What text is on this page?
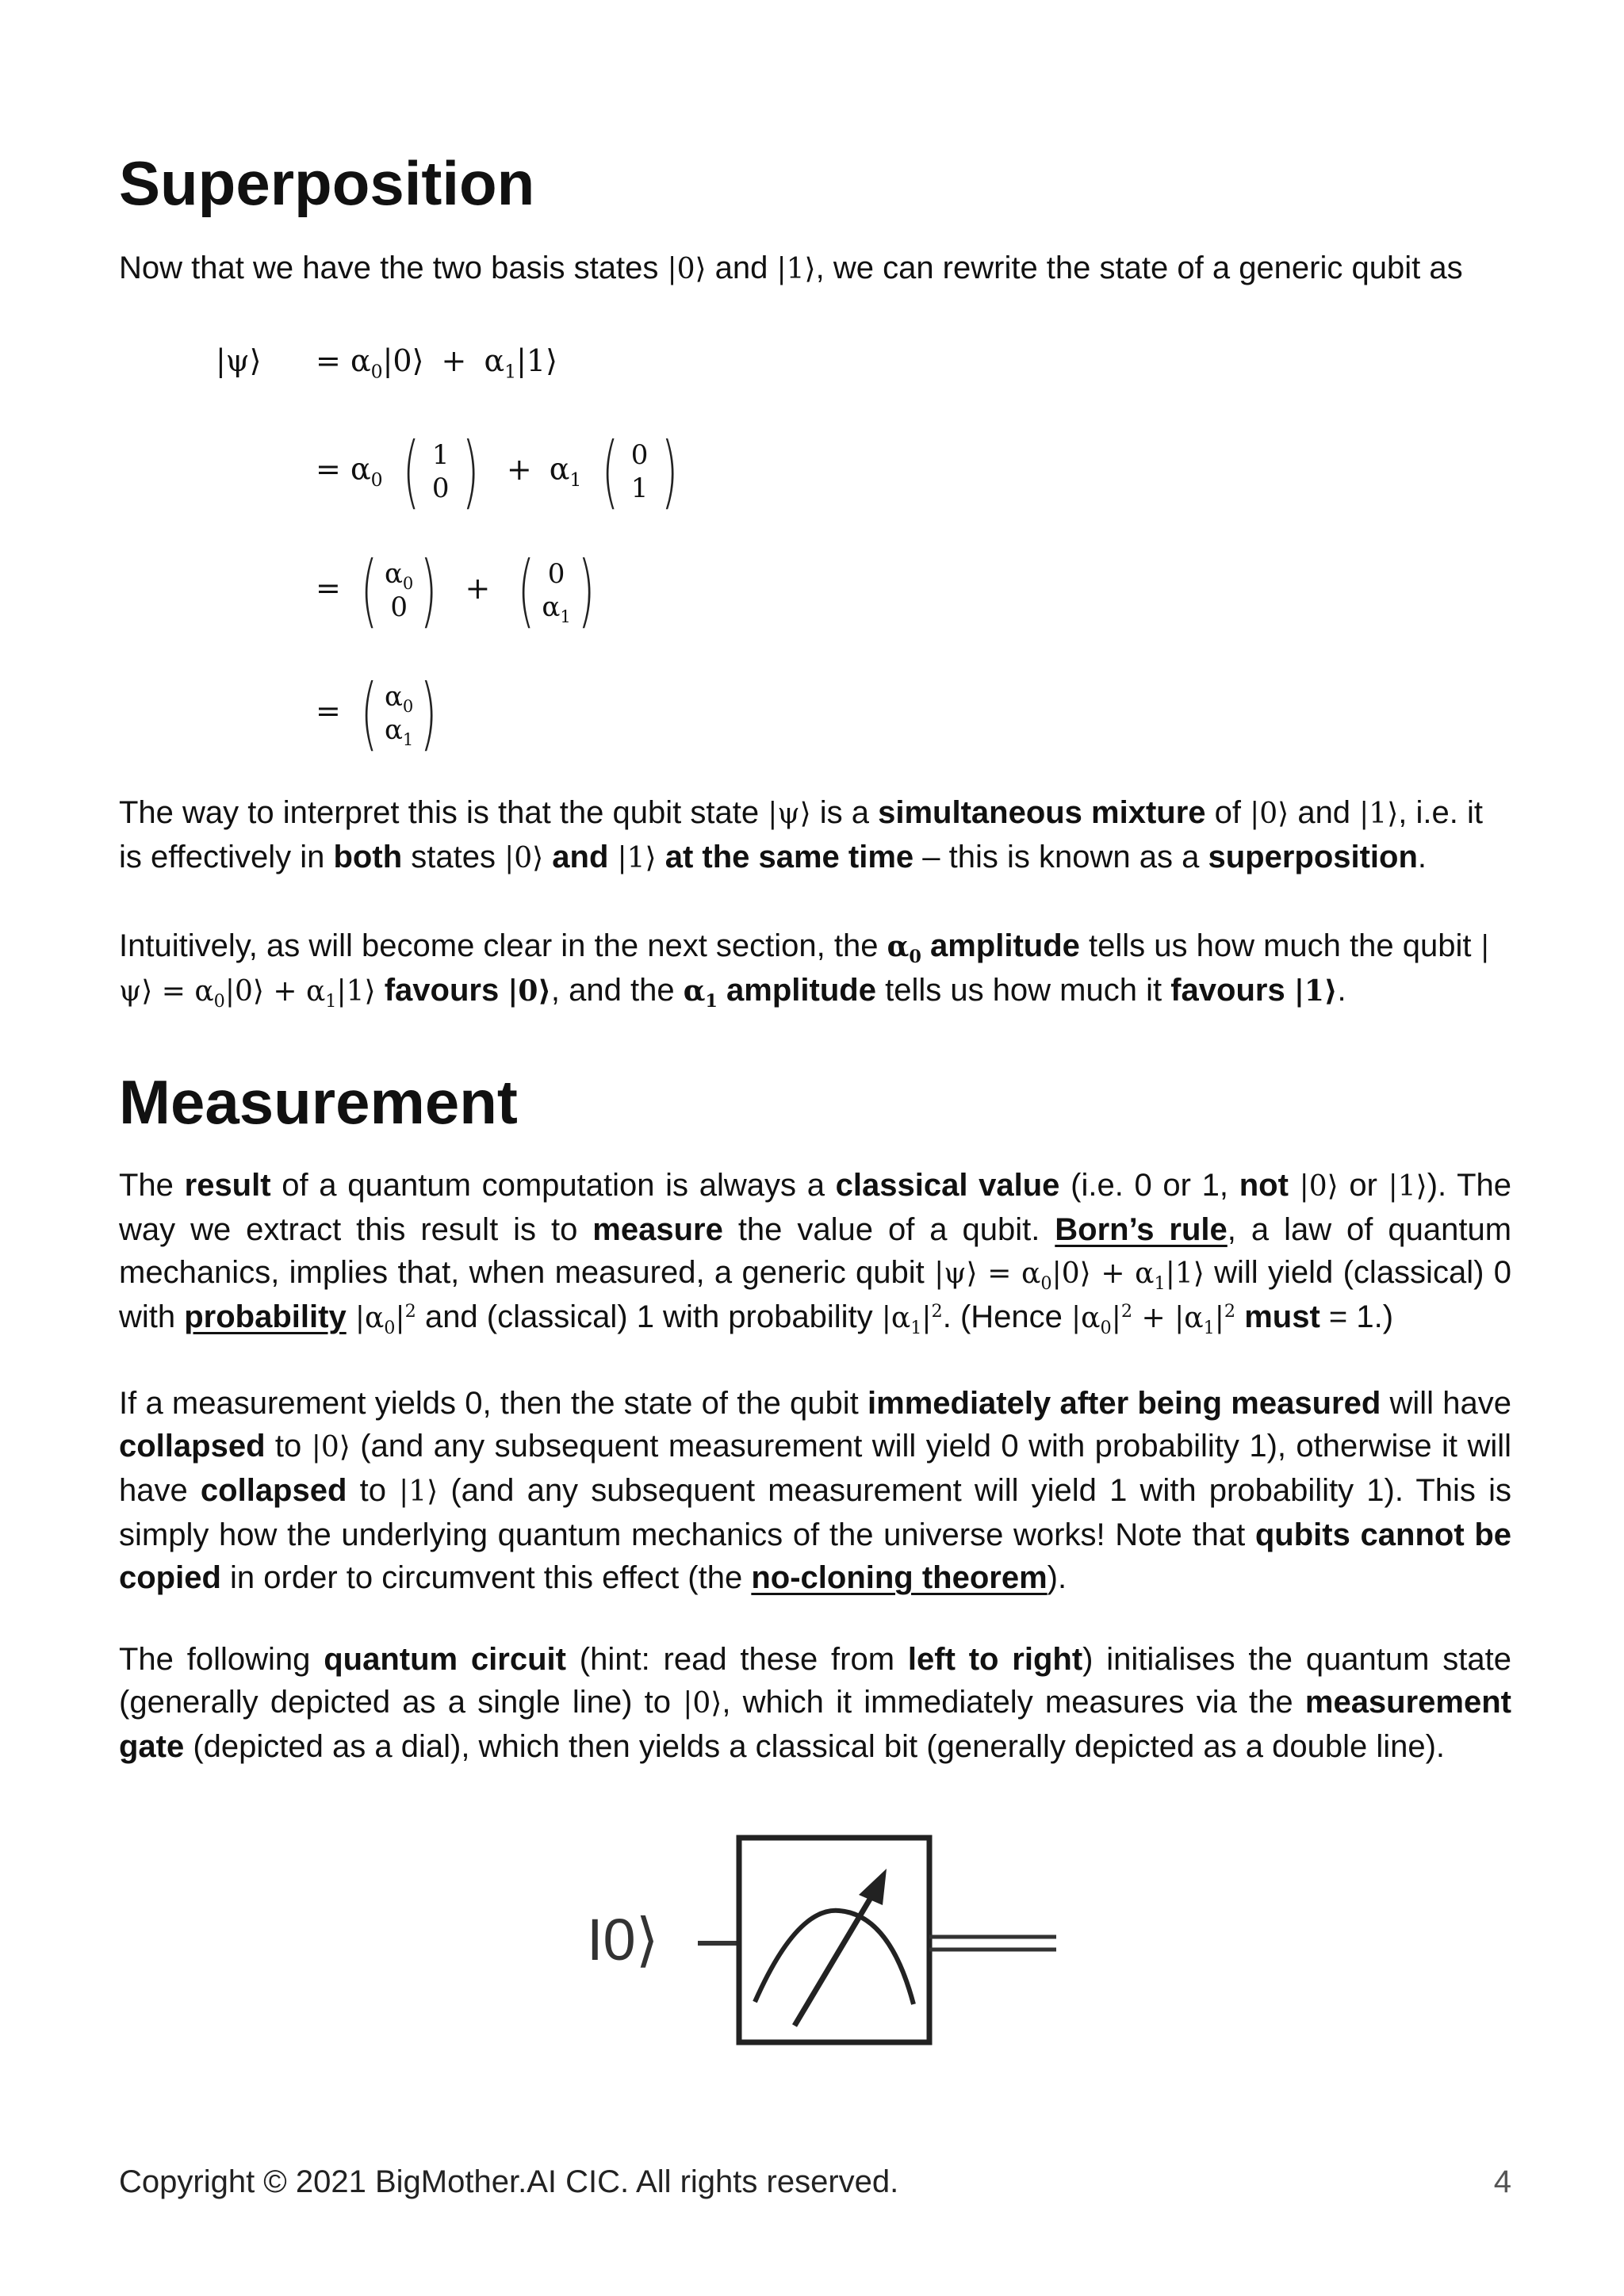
Superposition

Now that we have the two basis states |0⟩ and |1⟩, we can rewrite the state of a generic qubit as

|ψ⟩ = $\alpha_0|0⟩$ + $\alpha_1|1⟩$
= $\alpha_0$ ( 1
0 ) + $\alpha_1$ ( 0
1 )
= ( $\alpha_0$
0 ) + ( 0
$\alpha_1$ )
= ( $\alpha_0$
$\alpha_1$ )

The way to interpret this is that the qubit state |ψ⟩ is a simultaneous mixture of |0⟩ and |1⟩, i.e. it is effectively in both states |0⟩ and |1⟩ at the same time – this is known as a superposition.

Intuitively, as will become clear in the next section, the $\alpha_0$ amplitude tells us how much the qubit |ψ⟩ = $\alpha_0|0⟩$ + $\alpha_1|1⟩$ favours |0⟩, and the $\alpha_1$ amplitude tells us how much it favours |1⟩.

Measurement

The result of a quantum computation is always a classical value (i.e. 0 or 1, not |0⟩ or |1⟩). The way we extract this result is to measure the value of a qubit. Born’s rule, a law of quantum mechanics, implies that, when measured, a generic qubit |ψ⟩ = $\alpha_0|0⟩$ + $\alpha_1|1⟩$ will yield (classical) 0 with probability $|\alpha_0|^2$ and (classical) 1 with probability $|\alpha_1|^2$. (Hence $|\alpha_0|^2 + |\alpha_1|^2$ must = 1.)

If a measurement yields 0, then the state of the qubit immediately after being measured will have collapsed to |0⟩ (and any subsequent measurement will yield 0 with probability 1), otherwise it will have collapsed to |1⟩ (and any subsequent measurement will yield 1 with probability 1). This is simply how the underlying quantum mechanics of the universe works! Note that qubits cannot be copied in order to circumvent this effect (the no-cloning theorem).

The following quantum circuit (hint: read these from left to right) initialises the quantum state (generally depicted as a single line) to |0⟩, which it immediately measures via the measurement gate (depicted as a dial), which then yields a classical bit (generally depicted as a double line).

I0⟩
Copyright © 2021 BigMother.AI CIC. All rights reserved.	4
